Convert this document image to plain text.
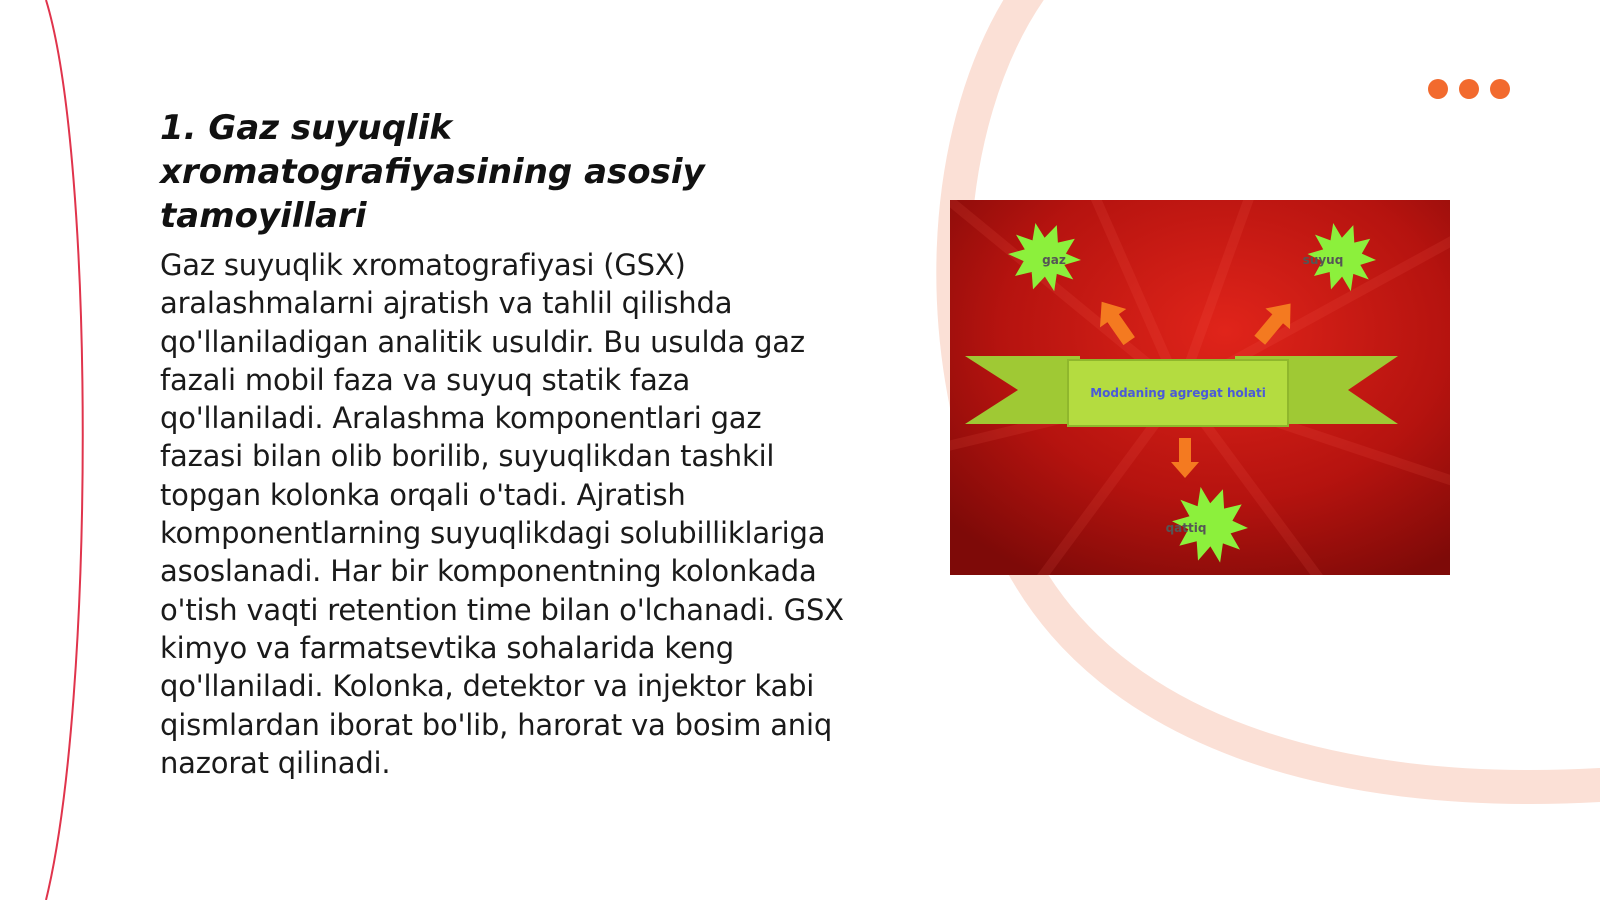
1. Gaz suyuqlik xromatografiyasining asosiy tamoyillari

Gaz suyuqlik xromatografiyasi (GSX) aralashmalarni ajratish va tahlil qilishda qo'llaniladigan analitik usuldir. Bu usulda gaz fazali mobil faza va suyuq statik faza qo'llaniladi. Aralashma komponentlari gaz fazasi bilan olib borilib, suyuqlikdan tashkil topgan kolonka orqali o'tadi. Ajratish komponentlarning suyuqlikdagi solubilliklariga asoslanadi. Har bir komponentning kolonkada o'tish vaqti retention time bilan o'lchanadi. GSX kimyo va farmatsevtika sohalarida keng qo'llaniladi. Kolonka, detektor va injektor kabi qismlardan iborat bo'lib, harorat va bosim aniq nazorat qilinadi.

Moddaning agregat holati
gaz	suyuq
qattiq
